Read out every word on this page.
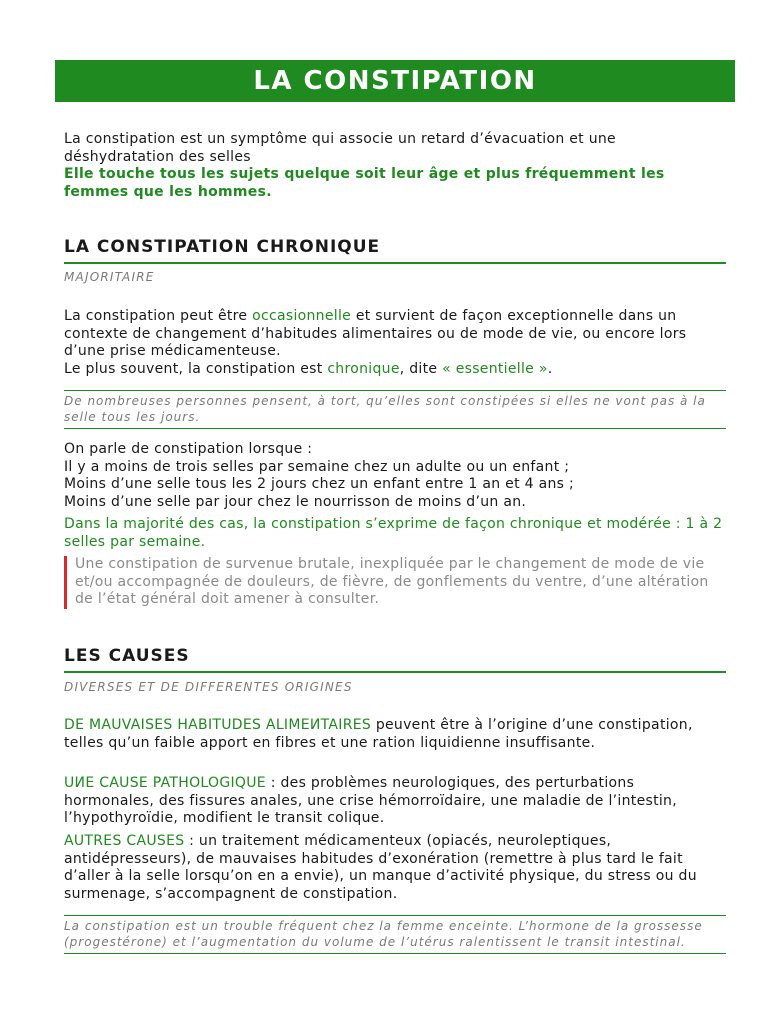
LA CONSTIPATION

La constipation est un symptôme qui associe un retard d’évacuation et une déshydratation des selles

Elle touche tous les sujets quelque soit leur âge et plus fréquemment les femmes que les hommes.

LA CONSTIPATION CHRONIQUE
MAJORITAIRE

La constipation peut être occasionnelle et survient de façon exceptionnelle dans un contexte de changement d’habitudes alimentaires ou de mode de vie, ou encore lors d’une prise médicamenteuse.

Le plus souvent, la constipation est chronique, dite « essentielle ».

De nombreuses personnes pensent, à tort, qu’elles sont constipées si elles ne vont pas à la selle tous les jours.

On parle de constipation lorsque :

Il y a moins de trois selles par semaine chez un adulte ou un enfant ;

Moins d’une selle tous les 2 jours chez un enfant entre 1 an et 4 ans ;

Moins d’une selle par jour chez le nourrisson de moins d’un an.

Dans la majorité des cas, la constipation s’exprime de façon chronique et modérée : 1 à 2 selles par semaine.
Une constipation de survenue brutale, inexpliquée par le changement de mode de vie et/ou accompagnée de douleurs, de fièvre, de gonflements du ventre, d’une altération de l’état général doit amener à consulter.
LES CAUSES
DIVERSES ET DE DIFFERENTES ORIGINES
DE MAUVAISES HABITUDES ALIMEИTAIRES peuvent être à l’origine d’une constipation, telles qu’un faible apport en fibres et une ration liquidienne insuffisante.
UИE CAUSE PATHOLOGIQUE : des problèmes neurologiques, des perturbations hormonales, des fissures anales, une crise hémorroïdaire, une maladie de l’intestin, l’hypothyroïdie, modifient le transit colique.
AUTRES CAUSES : un traitement médicamenteux (opiacés, neuroleptiques, antidépresseurs), de mauvaises habitudes d’exonération (remettre à plus tard le fait d’aller à la selle lorsqu’on en a envie), un manque d’activité physique, du stress ou du surmenage, s’accompagnent de constipation.
La constipation est un trouble fréquent chez la femme enceinte. L’hormone de la grossesse (progestérone) et l’augmentation du volume de l’utérus ralentissent le transit intestinal.
